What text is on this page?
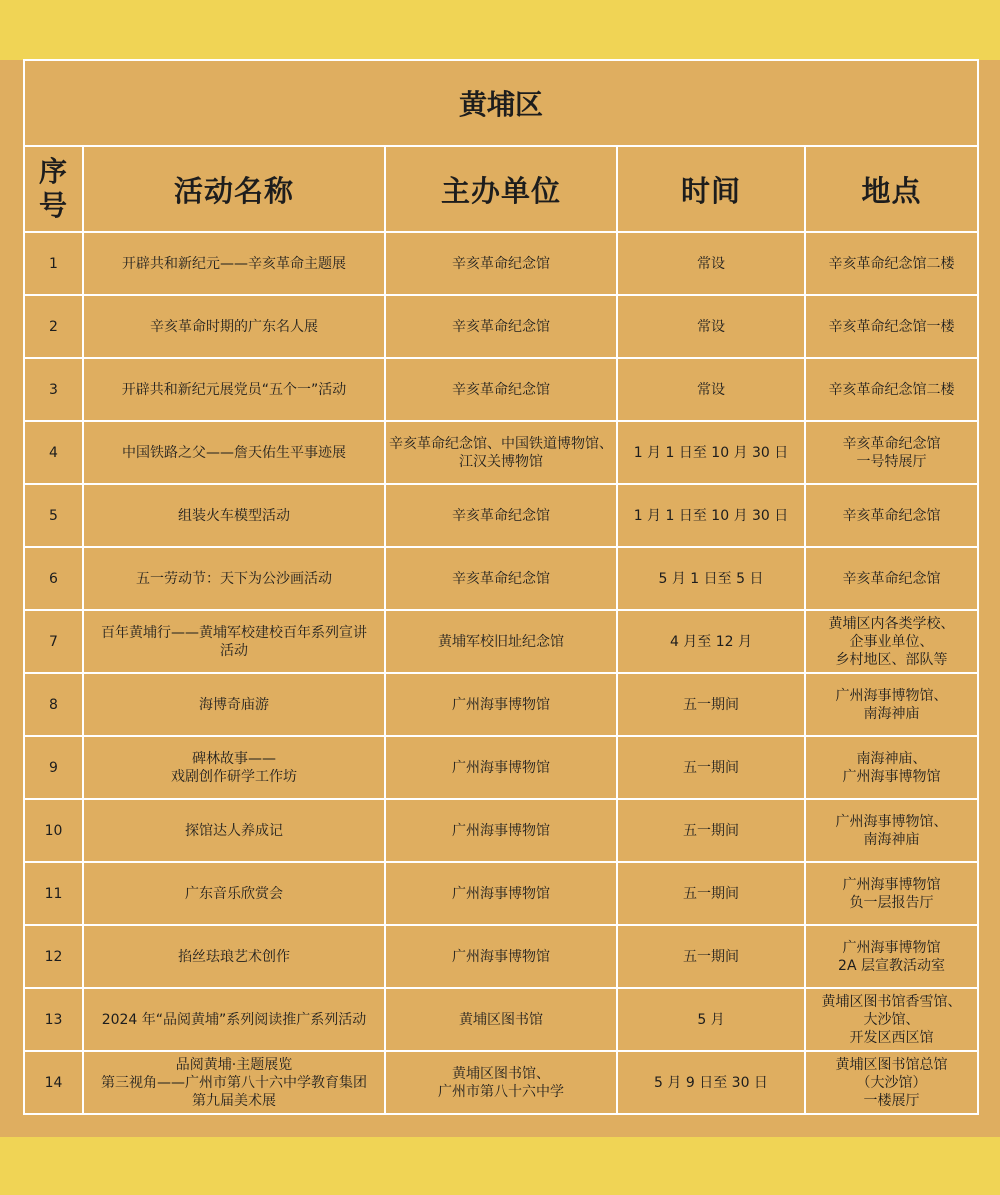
黄埔区				
序
号	活动名称	主办单位	时间	地点
1	开辟共和新纪元——辛亥革命主题展	辛亥革命纪念馆	常设	辛亥革命纪念馆二楼
2	辛亥革命时期的广东名人展	辛亥革命纪念馆	常设	辛亥革命纪念馆一楼
3	开辟共和新纪元展党员“五个一”活动	辛亥革命纪念馆	常设	辛亥革命纪念馆二楼
4	中国铁路之父——詹天佑生平事迹展	辛亥革命纪念馆、中国铁道博物馆、
江汉关博物馆	1 月 1 日至 10 月 30 日	辛亥革命纪念馆
一号特展厅
5	组装火车模型活动	辛亥革命纪念馆	1 月 1 日至 10 月 30 日	辛亥革命纪念馆
6	五一劳动节：天下为公沙画活动	辛亥革命纪念馆	5 月 1 日至 5 日	辛亥革命纪念馆
7	百年黄埔行——黄埔军校建校百年系列宣讲
活动	黄埔军校旧址纪念馆	4 月至 12 月	黄埔区内各类学校、
企事业单位、
乡村地区、部队等
8	海博奇庙游	广州海事博物馆	五一期间	广州海事博物馆、
南海神庙
9	碑林故事——
戏剧创作研学工作坊	广州海事博物馆	五一期间	南海神庙、
广州海事博物馆
10	探馆达人养成记	广州海事博物馆	五一期间	广州海事博物馆、
南海神庙
11	广东音乐欣赏会	广州海事博物馆	五一期间	广州海事博物馆
负一层报告厅
12	掐丝珐琅艺术创作	广州海事博物馆	五一期间	广州海事博物馆
2A 层宣教活动室
13	2024 年“品阅黄埔”系列阅读推广系列活动	黄埔区图书馆	5 月	黄埔区图书馆香雪馆、
大沙馆、
开发区西区馆
14	品阅黄埔·主题展览
第三视角——广州市第八十六中学教育集团
第九届美术展	黄埔区图书馆、
广州市第八十六中学	5 月 9 日至 30 日	黄埔区图书馆总馆
（大沙馆）
一楼展厅
